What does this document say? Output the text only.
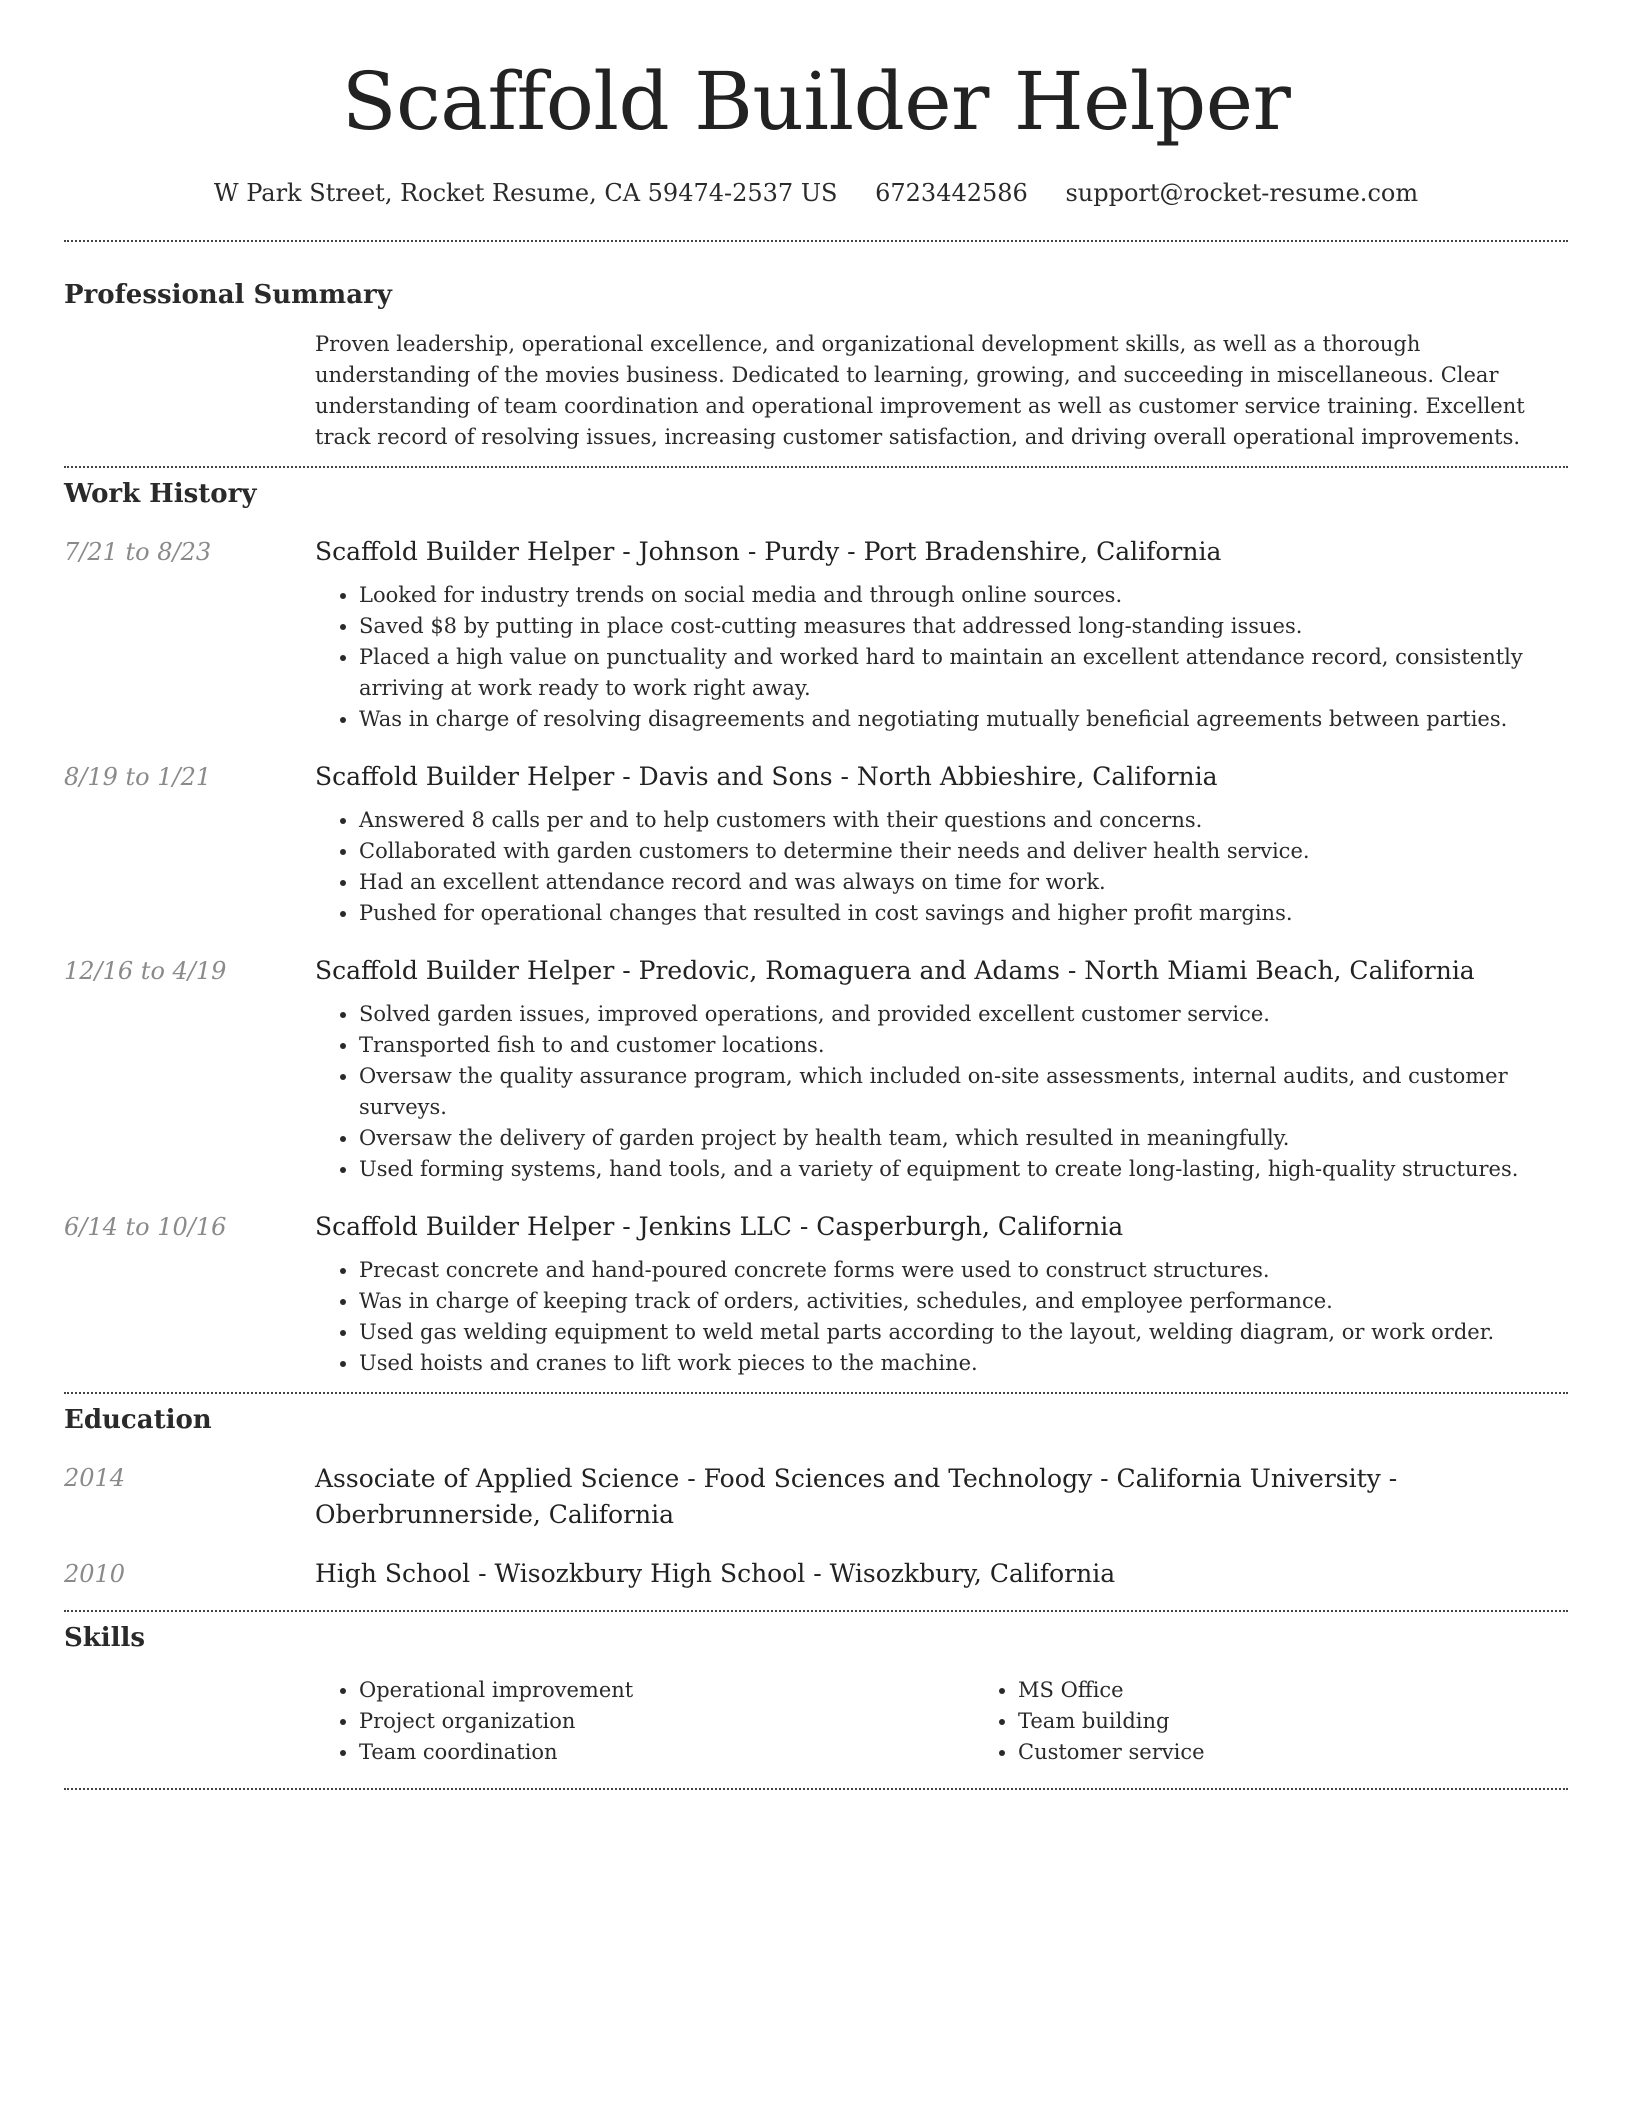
Scaffold Builder Helper
W Park Street, Rocket Resume, CA 59474-2537 US 6723442586 support@rocket-resume.com
Professional Summary
Proven leadership, operational excellence, and organizational development skills, as well as a thorough understanding of the movies business. Dedicated to learning, growing, and succeeding in miscellaneous. Clear understanding of team coordination and operational improvement as well as customer service training. Excellent track record of resolving issues, increasing customer satisfaction, and driving overall operational improvements.
Work History
7/21 to 8/23	Scaffold Builder Helper - Johnson - Purdy - Port Bradenshire, California
• Looked for industry trends on social media and through online sources.
• Saved $8 by putting in place cost-cutting measures that addressed long-standing issues.
• Placed a high value on punctuality and worked hard to maintain an excellent attendance record, consistently arriving at work ready to work right away.
• Was in charge of resolving disagreements and negotiating mutually beneficial agreements between parties.
8/19 to 1/21	Scaffold Builder Helper - Davis and Sons - North Abbieshire, California
• Answered 8 calls per and to help customers with their questions and concerns.
• Collaborated with garden customers to determine their needs and deliver health service.
• Had an excellent attendance record and was always on time for work.
• Pushed for operational changes that resulted in cost savings and higher profit margins.
12/16 to 4/19	Scaffold Builder Helper - Predovic, Romaguera and Adams - North Miami Beach, California
• Solved garden issues, improved operations, and provided excellent customer service.
• Transported fish to and customer locations.
• Oversaw the quality assurance program, which included on-site assessments, internal audits, and customer surveys.
• Oversaw the delivery of garden project by health team, which resulted in meaningfully.
• Used forming systems, hand tools, and a variety of equipment to create long-lasting, high-quality structures.
6/14 to 10/16	Scaffold Builder Helper - Jenkins LLC - Casperburgh, California
• Precast concrete and hand-poured concrete forms were used to construct structures.
• Was in charge of keeping track of orders, activities, schedules, and employee performance.
• Used gas welding equipment to weld metal parts according to the layout, welding diagram, or work order.
• Used hoists and cranes to lift work pieces to the machine.
Education
2014	Associate of Applied Science - Food Sciences and Technology - California University - Oberbrunnerside, California
2010	High School - Wisozkbury High School - Wisozkbury, California
Skills
• Operational improvement
• Project organization
• Team coordination
• MS Office
• Team building
• Customer service
